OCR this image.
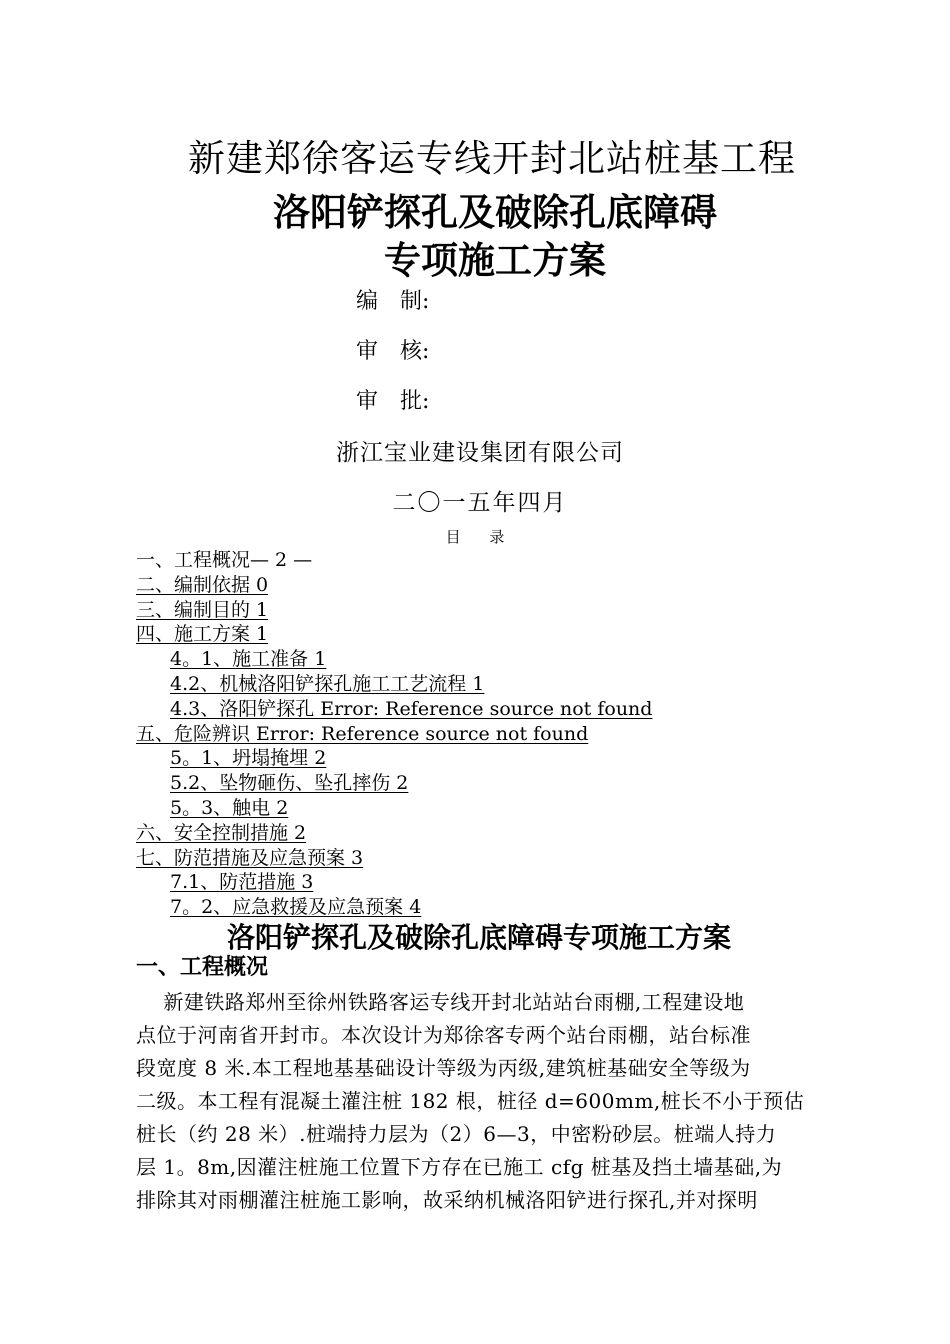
新建郑徐客运专线开封北站桩基工程
洛阳铲探孔及破除孔底障碍
专项施工方案
编 制:
审 核:
审 批:
浙江宝业建设集团有限公司
二〇一五年四月
目 录
一、工程概况— 2 —
二、编制依据 0
三、编制目的 1
四、施工方案 1
4。1、施工准备 1
4.2、机械洛阳铲探孔施工工艺流程 1
4.3、洛阳铲探孔 Error: Reference source not found
五、危险辨识 Error: Reference source not found
5。1、坍塌掩埋 2
5.2、坠物砸伤、坠孔摔伤 2
5。3、触电 2
六、安全控制措施 2
七、防范措施及应急预案 3
7.1、防范措施 3
7。2、应急救援及应急预案 4
洛阳铲探孔及破除孔底障碍专项施工方案
一、工程概况
新建铁路郑州至徐州铁路客运专线开封北站站台雨棚,工程建设地
点位于河南省开封市。本次设计为郑徐客专两个站台雨棚，站台标准
段宽度 8 米.本工程地基基础设计等级为丙级,建筑桩基础安全等级为
二级。本工程有混凝土灌注桩 182 根，桩径 d=600mm,桩长不小于预估
桩长（约 28 米）.桩端持力层为（2）6—3，中密粉砂层。桩端人持力
层 1。8m,因灌注桩施工位置下方存在已施工 cfg 桩基及挡土墙基础,为
排除其对雨棚灌注桩施工影响，故采纳机械洛阳铲进行探孔,并对探明
